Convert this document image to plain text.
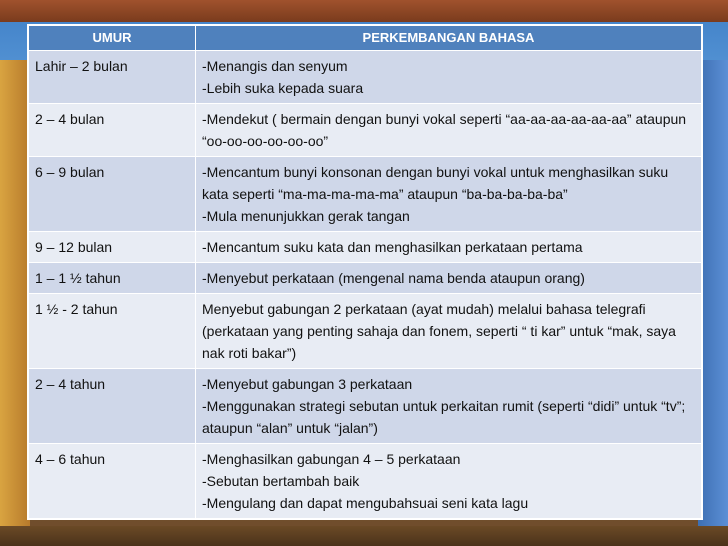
UMUR	PERKEMBANGAN BAHASA
Lahir – 2 bulan	-Menangis dan senyum
-Lebih suka kepada suara

2 – 4 bulan	-Mendekut ( bermain dengan bunyi vokal seperti “aa-aa-aa-aa-aa-aa” ataupun “oo-oo-oo-oo-oo-oo”

6 – 9 bulan	-Mencantum bunyi konsonan dengan bunyi vokal untuk menghasilkan suku kata seperti “ma-ma-ma-ma-ma” ataupun “ba-ba-ba-ba-ba”
-Mula menunjukkan gerak tangan

9 – 12 bulan	-Mencantum suku kata dan menghasilkan perkataan pertama

1 – 1 ½ tahun	-Menyebut perkataan (mengenal nama benda ataupun orang)

1 ½ - 2 tahun	Menyebut gabungan 2 perkataan (ayat mudah) melalui bahasa telegrafi (perkataan yang penting sahaja dan fonem, seperti “ ti kar” untuk “mak, saya nak roti bakar”)

2 – 4 tahun	-Menyebut gabungan 3 perkataan
-Menggunakan strategi sebutan untuk perkaitan rumit (seperti “didi” untuk “tv”; ataupun “alan” untuk “jalan”)

4 – 6 tahun	-Menghasilkan gabungan 4 – 5 perkataan
-Sebutan bertambah baik
-Mengulang dan dapat mengubahsuai seni kata lagu
